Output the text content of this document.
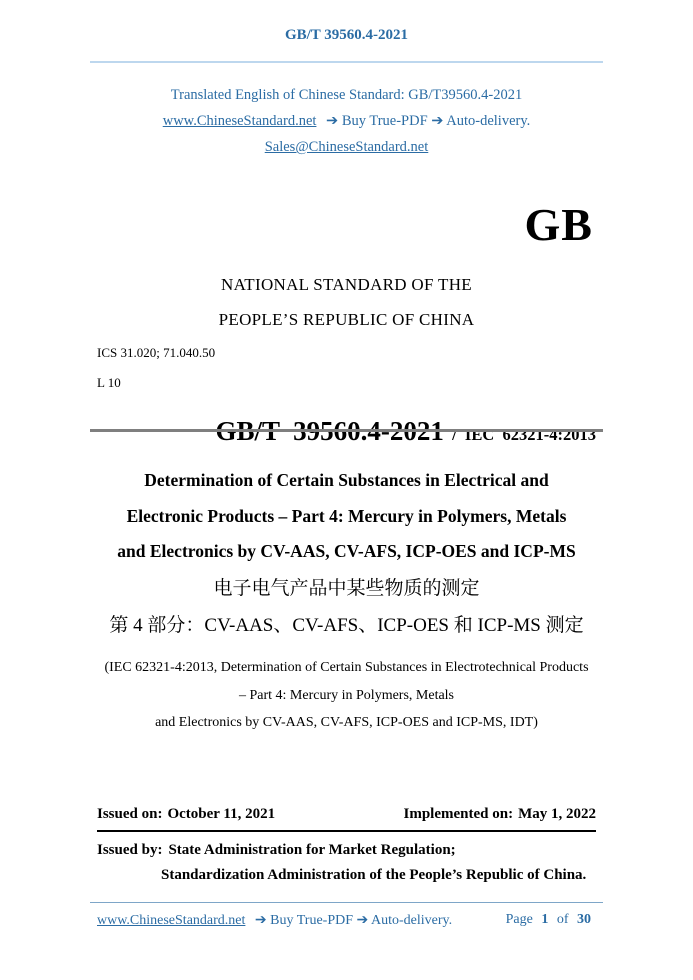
GB/T 39560.4-2021
Translated English of Chinese Standard: GB/T39560.4-2021
www.ChineseStandard.net ➔ Buy True-PDF ➔ Auto-delivery.
Sales@ChineseStandard.net
GB
NATIONAL STANDARD OF THE
PEOPLE’S REPUBLIC OF CHINA
ICS 31.020; 71.040.50
L 10

GB/T  39560.4-2021  /  IEC  62321-4:2013

Determination of Certain Substances in Electrical and
Electronic Products – Part 4: Mercury in Polymers, Metals
and Electronics by CV-AAS, CV-AFS, ICP-OES and ICP-MS
电子电气产品中某些物质的测定
第 4 部分：CV-AAS、CV-AFS、ICP-OES 和 ICP-MS 测定
(IEC 62321-4:2013, Determination of Certain Substances in Electrotechnical Products
– Part 4: Mercury in Polymers, Metals
and Electronics by CV-AAS, CV-AFS, ICP-OES and ICP-MS, IDT)
Issued on: October 11, 2021	Implemented on: May 1, 2022
Issued by: State Administration for Market Regulation;
Standardization Administration of the People’s Republic of China.
www.ChineseStandard.net ➔ Buy True-PDF ➔ Auto-delivery.	Page 1 of 30
